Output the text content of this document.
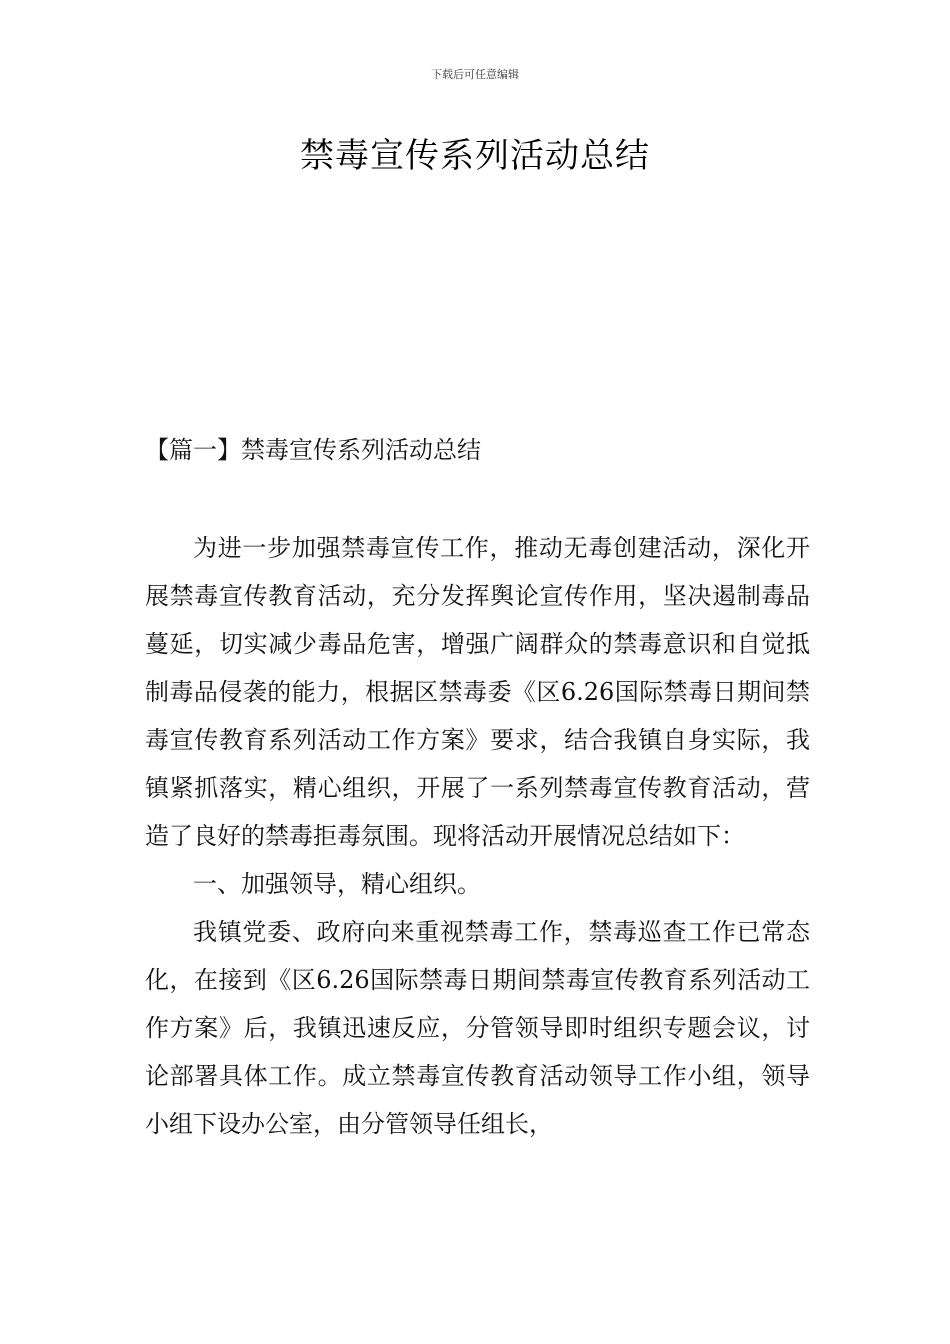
下载后可任意编辑
禁毒宣传系列活动总结
【篇一】禁毒宣传系列活动总结

为进一步加强禁毒宣传工作，推动无毒创建活动，深化开展禁毒宣传教育活动，充分发挥舆论宣传作用，坚决遏制毒品蔓延，切实减少毒品危害，增强广阔群众的禁毒意识和自觉抵制毒品侵袭的能力，根据区禁毒委《区6.26国际禁毒日期间禁毒宣传教育系列活动工作方案》要求，结合我镇自身实际，我镇紧抓落实，精心组织，开展了一系列禁毒宣传教育活动，营造了良好的禁毒拒毒氛围。现将活动开展情况总结如下：

一、加强领导，精心组织。

我镇党委、政府向来重视禁毒工作，禁毒巡查工作已常态化，在接到《区6.26国际禁毒日期间禁毒宣传教育系列活动工作方案》后，我镇迅速反应，分管领导即时组织专题会议，讨论部署具体工作。成立禁毒宣传教育活动领导工作小组，领导小组下设办公室，由分管领导任组长，
